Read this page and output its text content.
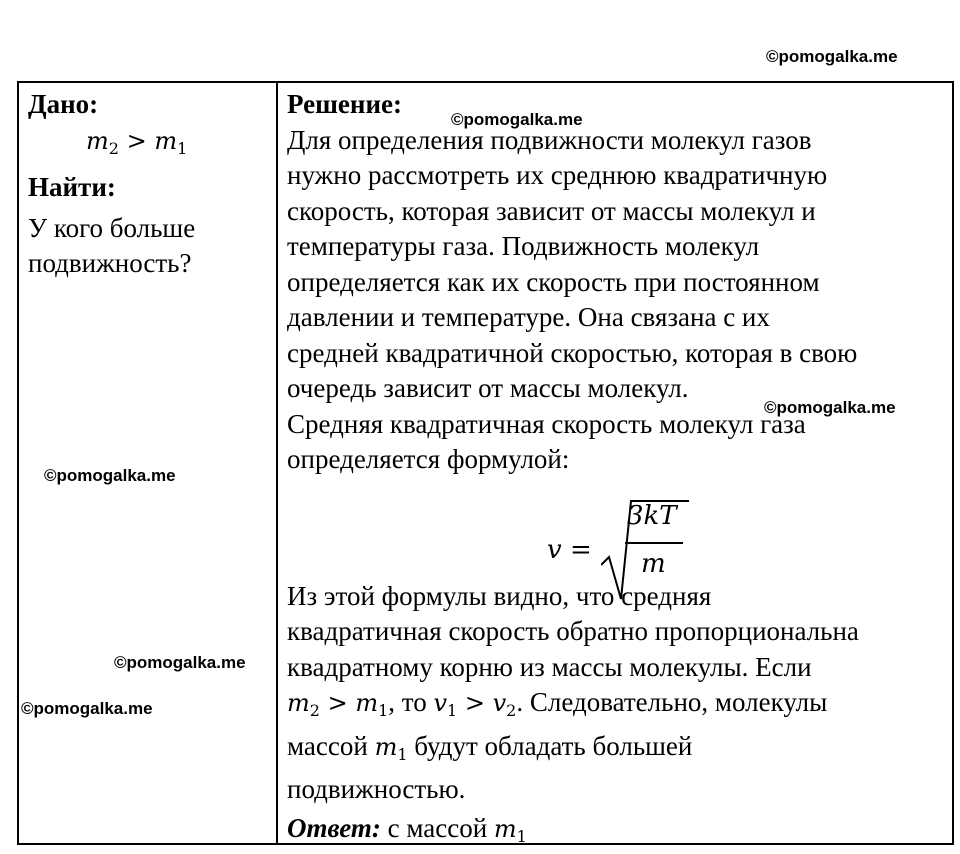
©pomogalka.me
Дано:
$m_2 > m_1$
Найти:
У кого больше
подвижность?
Решение:
Для определения подвижности молекул газов
нужно рассмотреть их среднюю квадратичную
скорость, которая зависит от массы молекул и
температуры газа. Подвижность молекул
определяется как их скорость при постоянном
давлении и температуре. Она связана с их
средней квадратичной скоростью, которая в свою
очередь зависит от массы молекул.
Средняя квадратичная скорость молекул газа
определяется формулой:
v =
3kT
m
Из этой формулы видно, что средняя
квадратичная скорость обратно пропорциональна
квадратному корню из массы молекулы. Если
$m_2 > m_1$, то $v_1 > v_2$. Следовательно, молекулы
массой $m_1$ будут обладать большей
подвижностью.
Ответ: с массой $m_1$
©pomogalka.me
©pomogalka.me
©pomogalka.me
©pomogalka.me
©pomogalka.me
